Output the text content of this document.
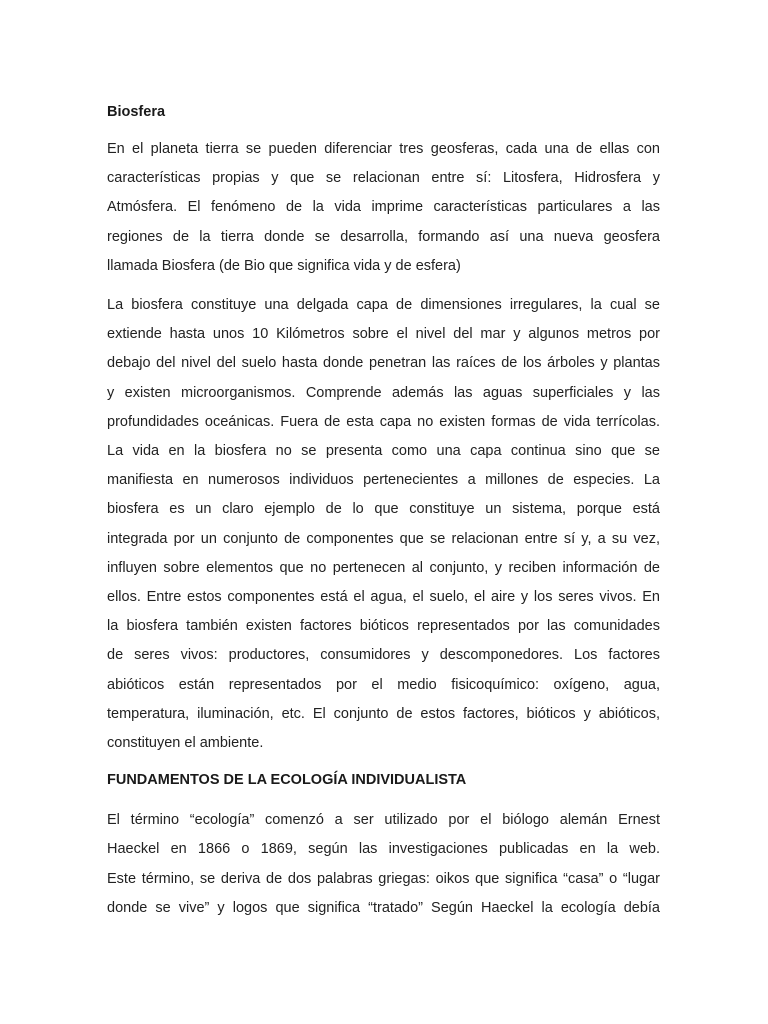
Biosfera
En el planeta tierra se pueden diferenciar tres geosferas, cada una de ellas con
características propias y que se relacionan entre sí: Litosfera, Hidrosfera y
Atmósfera. El fenómeno de la vida imprime características particulares a las
regiones de la tierra donde se desarrolla, formando así una nueva geosfera
llamada Biosfera (de Bio que significa vida y de esfera)
La biosfera constituye una delgada capa de dimensiones irregulares, la cual se
extiende hasta unos 10 Kilómetros sobre el nivel del mar y algunos metros por
debajo del nivel del suelo hasta donde penetran las raíces de los árboles y plantas
y existen microorganismos. Comprende además las aguas superficiales y las
profundidades oceánicas. Fuera de esta capa no existen formas de vida terrícolas.
La vida en la biosfera no se presenta como una capa continua sino que se
manifiesta en numerosos individuos pertenecientes a millones de especies. La
biosfera es un claro ejemplo de lo que constituye un sistema, porque está
integrada por un conjunto de componentes que se relacionan entre sí y, a su vez,
influyen sobre elementos que no pertenecen al conjunto, y reciben información de
ellos. Entre estos componentes está el agua, el suelo, el aire y los seres vivos. En
la biosfera también existen factores bióticos representados por las comunidades
de seres vivos: productores, consumidores y descomponedores. Los factores
abióticos están representados por el medio fisicoquímico: oxígeno, agua,
temperatura, iluminación, etc. El conjunto de estos factores, bióticos y abióticos,
constituyen el ambiente.
FUNDAMENTOS DE LA ECOLOGÍA INDIVIDUALISTA
El término “ecología” comenzó a ser utilizado por el biólogo alemán Ernest
Haeckel en 1866 o 1869, según las investigaciones publicadas en la web.
Este término, se deriva de dos palabras griegas: oikos que significa “casa” o “lugar
donde se vive” y logos que significa “tratado” Según Haeckel la ecología debía
